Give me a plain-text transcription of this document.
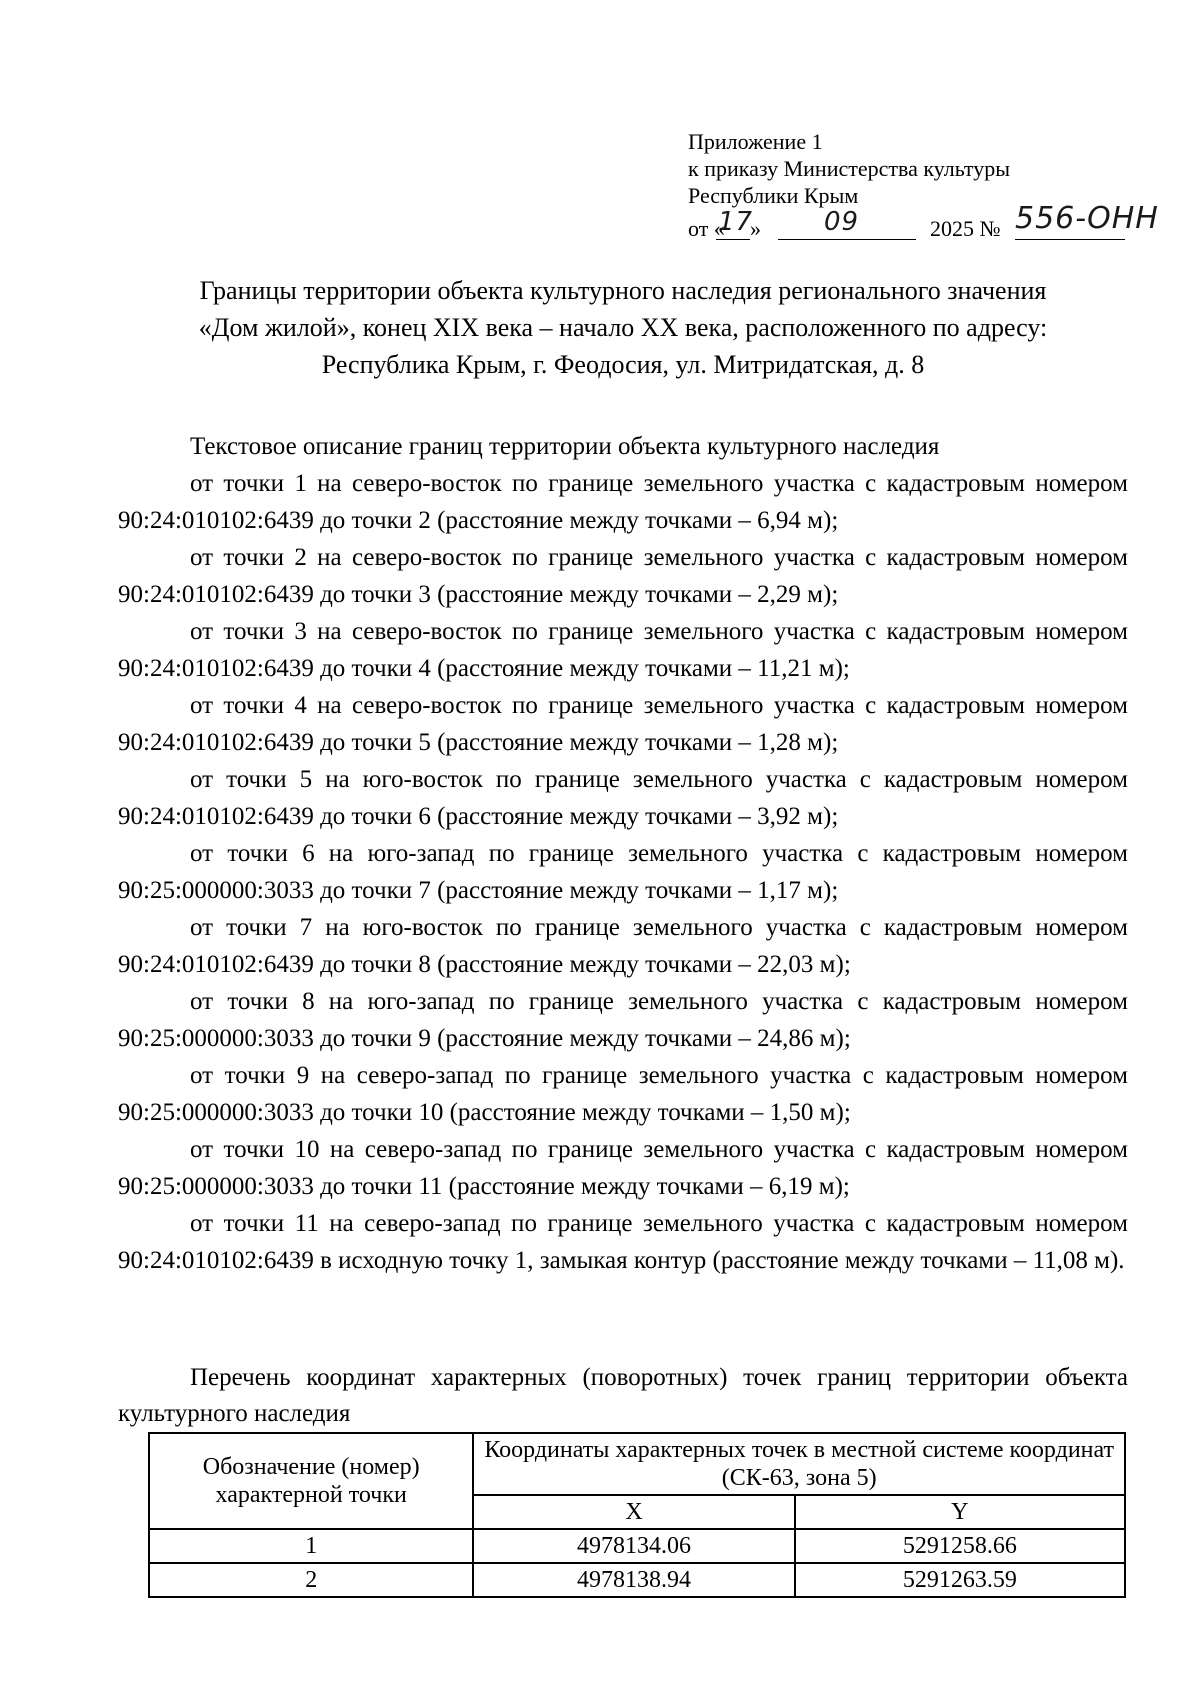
Приложение 1
к приказу Министерства культуры
Республики Крым
от «
17
» 09	2025 № 556-ОНН
Границы территории объекта культурного наследия регионального значения
«Дом жилой», конец XIX века – начало XX века, расположенного по адресу:
Республика Крым, г. Феодосия, ул. Митридатская, д. 8
Текстовое описание границ территории объекта культурного наследия

от точки 1 на северо-восток по границе земельного участка с кадастровым номером 90:24:010102:6439 до точки 2 (расстояние между точками – 6,94 м);

от точки 2 на северо-восток по границе земельного участка с кадастровым номером 90:24:010102:6439 до точки 3 (расстояние между точками – 2,29 м);

от точки 3 на северо-восток по границе земельного участка с кадастровым номером 90:24:010102:6439 до точки 4 (расстояние между точками – 11,21 м);

от точки 4 на северо-восток по границе земельного участка с кадастровым номером 90:24:010102:6439 до точки 5 (расстояние между точками – 1,28 м);

от точки 5 на юго-восток по границе земельного участка с кадастровым номером 90:24:010102:6439 до точки 6 (расстояние между точками – 3,92 м);

от точки 6 на юго-запад по границе земельного участка с кадастровым номером 90:25:000000:3033 до точки 7 (расстояние между точками – 1,17 м);

от точки 7 на юго-восток по границе земельного участка с кадастровым номером 90:24:010102:6439 до точки 8 (расстояние между точками – 22,03 м);

от точки 8 на юго-запад по границе земельного участка с кадастровым номером 90:25:000000:3033 до точки 9 (расстояние между точками – 24,86 м);

от точки 9 на северо-запад по границе земельного участка с кадастровым номером 90:25:000000:3033 до точки 10 (расстояние между точками – 1,50 м);

от точки 10 на северо-запад по границе земельного участка с кадастровым номером 90:25:000000:3033 до точки 11 (расстояние между точками – 6,19 м);

от точки 11 на северо-запад по границе земельного участка с кадастровым номером 90:24:010102:6439 в исходную точку 1, замыкая контур (расстояние между точками – 11,08 м).

Перечень координат характерных (поворотных) точек границ территории объекта культурного наследия
Обозначение (номер) характерной точки	Координаты характерных точек в местной системе координат (СК-63, зона 5)	
	X	Y
1	4978134.06	5291258.66
2	4978138.94	5291263.59
